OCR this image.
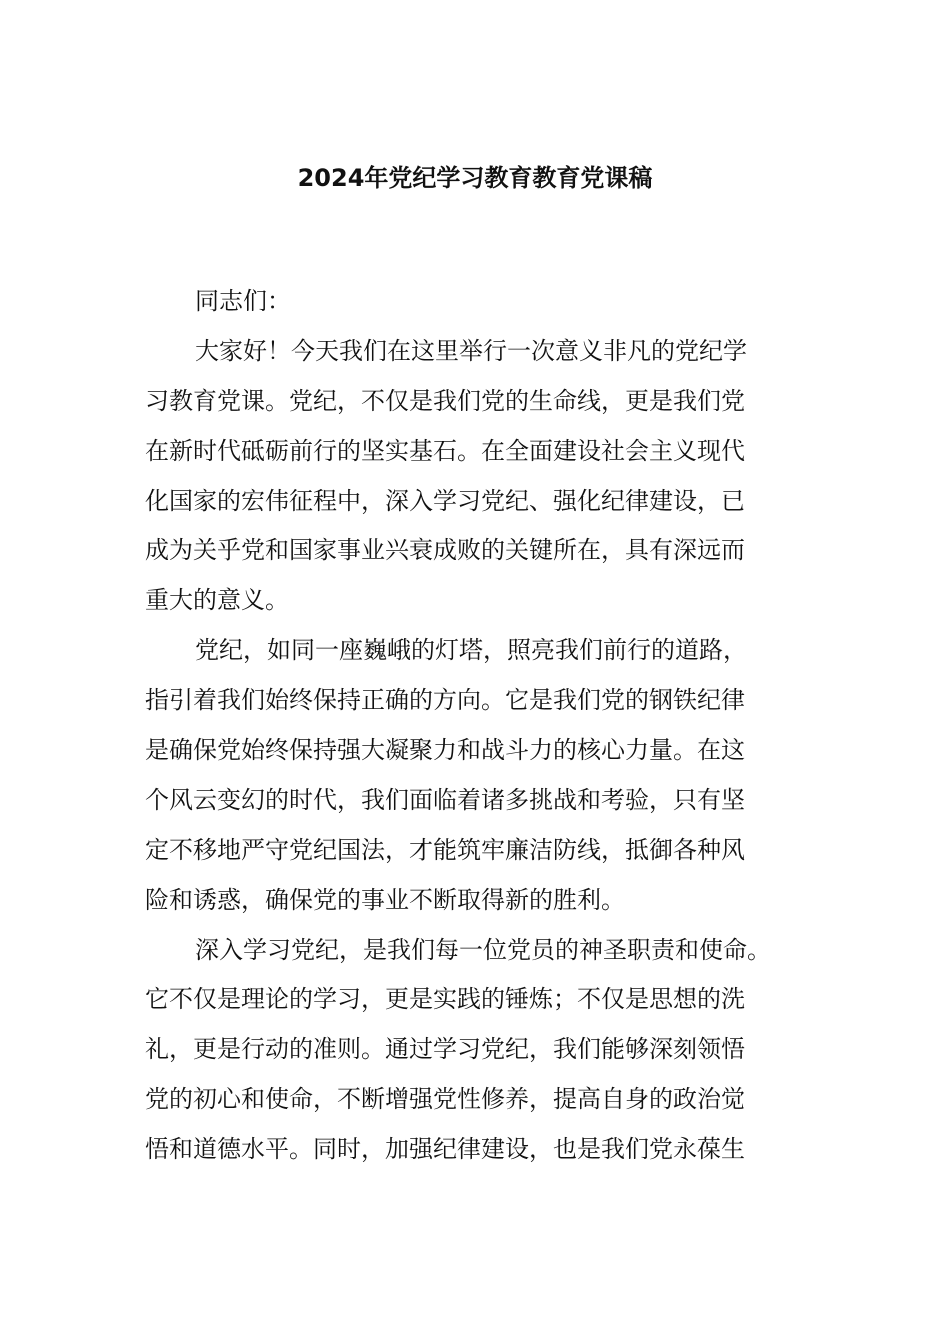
2024年党纪学习教育教育党课稿
同志们：
大家好！今天我们在这里举行一次意义非凡的党纪学
习教育党课。党纪，不仅是我们党的生命线，更是我们党
在新时代砥砺前行的坚实基石。在全面建设社会主义现代
化国家的宏伟征程中，深入学习党纪、强化纪律建设，已
成为关乎党和国家事业兴衰成败的关键所在，具有深远而
重大的意义。
党纪，如同一座巍峨的灯塔，照亮我们前行的道路，
指引着我们始终保持正确的方向。它是我们党的钢铁纪律
是确保党始终保持强大凝聚力和战斗力的核心力量。在这
个风云变幻的时代，我们面临着诸多挑战和考验，只有坚
定不移地严守党纪国法，才能筑牢廉洁防线，抵御各种风
险和诱惑，确保党的事业不断取得新的胜利。
深入学习党纪，是我们每一位党员的神圣职责和使命。
它不仅是理论的学习，更是实践的锤炼；不仅是思想的洗
礼，更是行动的准则。通过学习党纪，我们能够深刻领悟
党的初心和使命，不断增强党性修养，提高自身的政治觉
悟和道德水平。同时，加强纪律建设，也是我们党永葆生
